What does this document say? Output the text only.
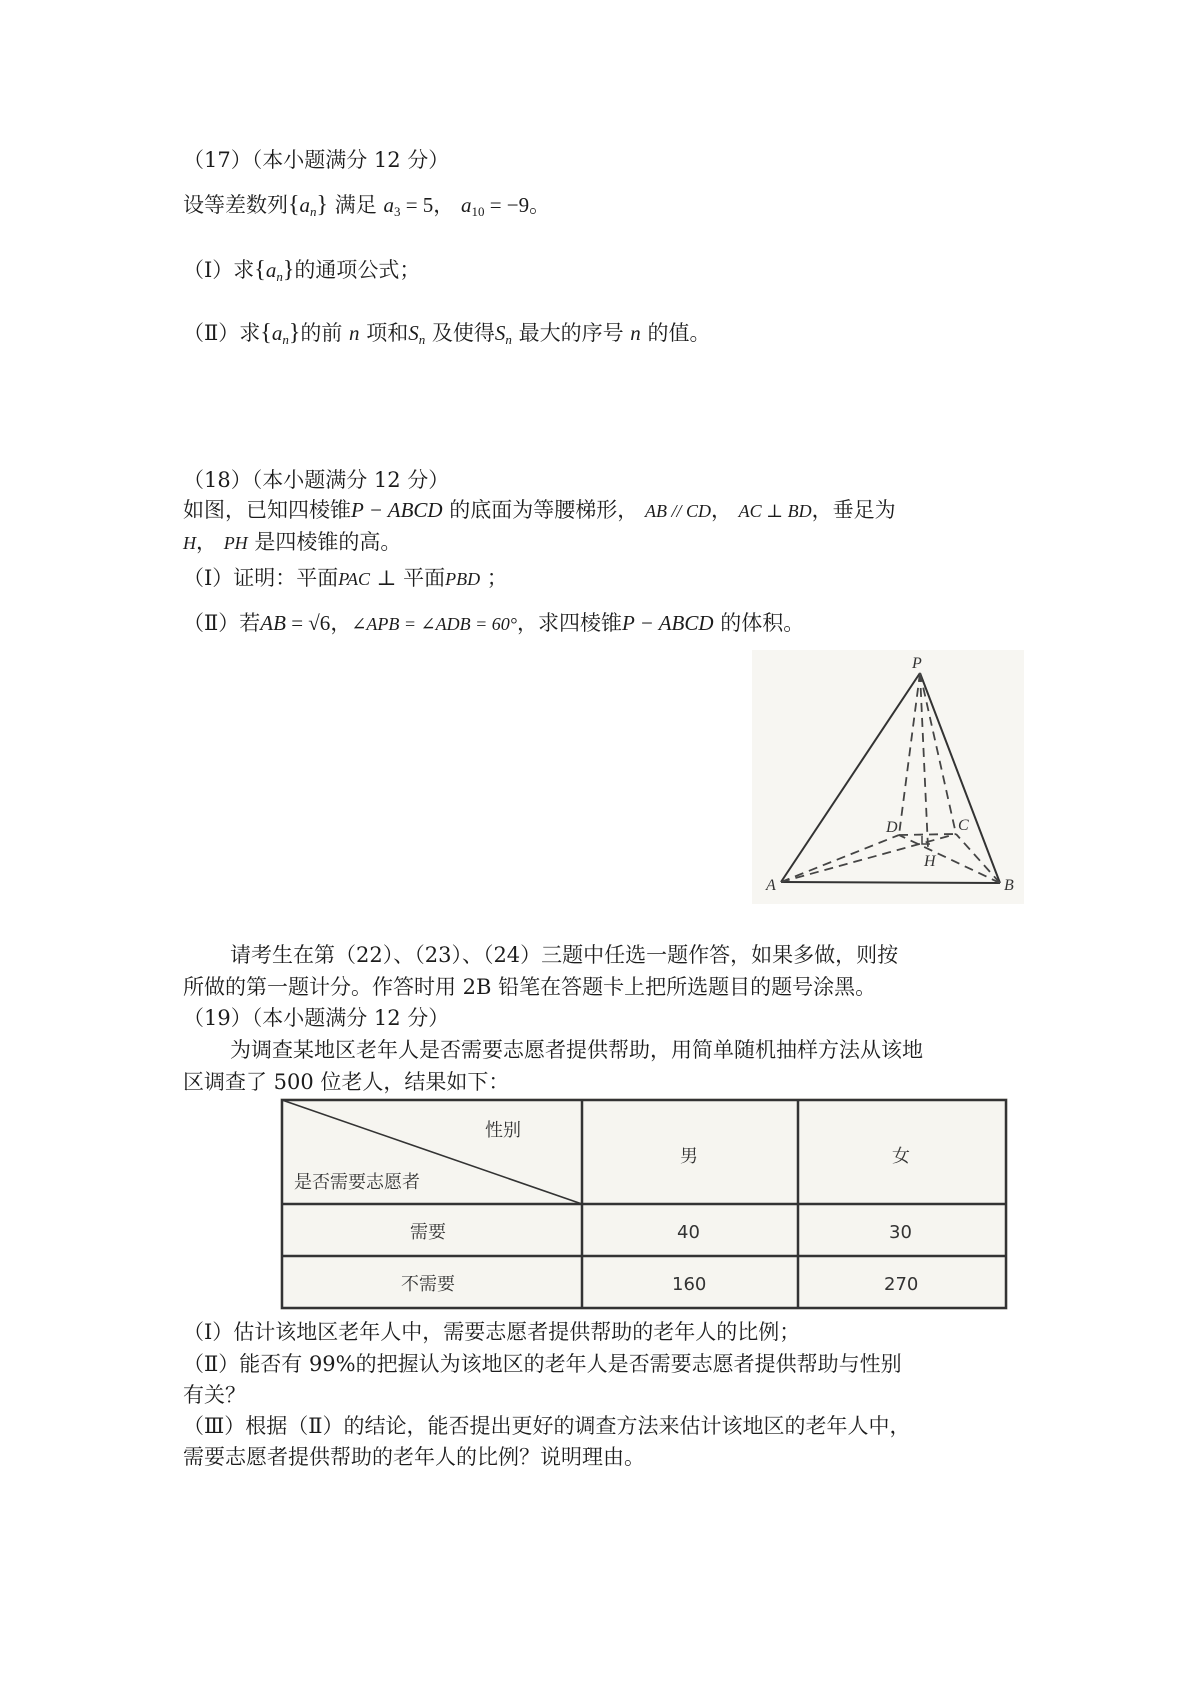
（17）（本小题满分 12 分）
设等差数列$\{a_n\}$ 满足 $a_3 = 5$， $a_{10} = -9$。
（Ⅰ）求$\{a_n\}$的通项公式；
（Ⅱ）求$\{a_n\}$的前 n 项和$S_n$ 及使得$S_n$ 最大的序号 n 的值。
（18）（本小题满分 12 分）
如图，已知四棱锥P − ABCD 的底面为等腰梯形， AB // CD， AC ⊥ BD，垂足为
H， PH 是四棱锥的高。
（Ⅰ）证明：平面PAC ⊥ 平面PBD ；
（Ⅱ）若AB = √6，∠APB = ∠ADB = 60°，求四棱锥P − ABCD 的体积。
P
D	C
H
A	B
请考生在第（22）、（23）、（24）三题中任选一题作答，如果多做，则按
所做的第一题计分。作答时用 2B 铅笔在答题卡上把所选题目的题号涂黑。
（19）（本小题满分 12 分）
为调查某地区老年人是否需要志愿者提供帮助，用简单随机抽样方法从该地
区调查了 500 位老人，结果如下：
性别
是否需要志愿者
男	女
需要	40	30
不需要	160	270
（Ⅰ）估计该地区老年人中，需要志愿者提供帮助的老年人的比例；
（Ⅱ）能否有 99%的把握认为该地区的老年人是否需要志愿者提供帮助与性别
有关？
（Ⅲ）根据（Ⅱ）的结论，能否提出更好的调查方法来估计该地区的老年人中，
需要志愿者提供帮助的老年人的比例？说明理由。
